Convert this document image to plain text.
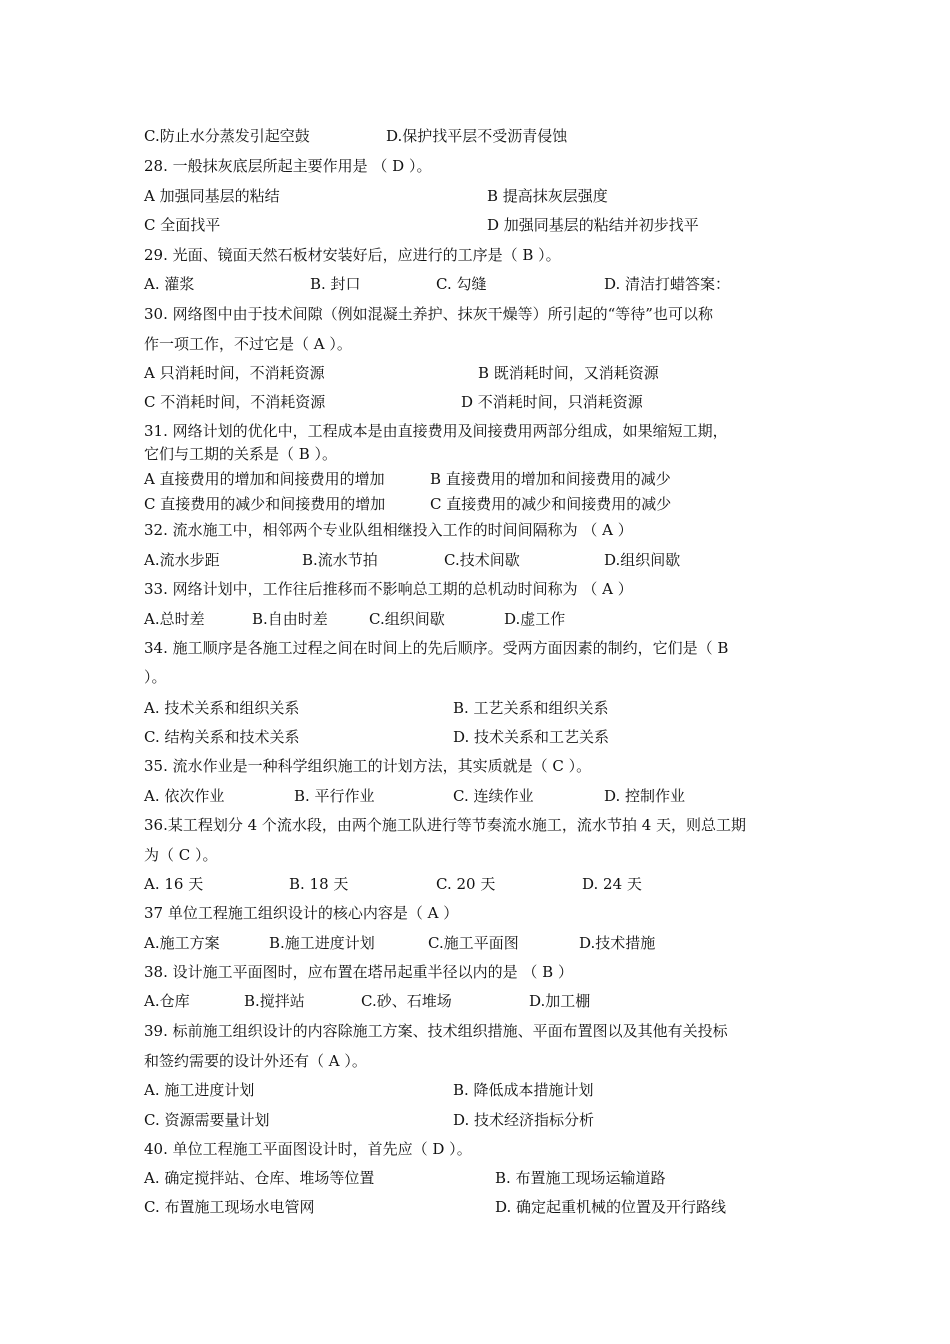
C.防止水分蒸发引起空鼓	D.保护找平层不受沥青侵蚀
28. 一般抹灰底层所起主要作用是 （ D ）。
A 加强同基层的粘结	B 提高抹灰层强度
C 全面找平	D 加强同基层的粘结并初步找平
29. 光面、镜面天然石板材安装好后，应进行的工序是（ B ）。
A. 灌浆	B. 封口	C. 勾缝	D. 清洁打蜡答案：
30. 网络图中由于技术间隙（例如混凝土养护、抹灰干燥等）所引起的“等待”也可以称
作一项工作，不过它是（ A ）。
A 只消耗时间，不消耗资源	B 既消耗时间，又消耗资源
C 不消耗时间，不消耗资源	D 不消耗时间，只消耗资源
31. 网络计划的优化中，工程成本是由直接费用及间接费用两部分组成，如果缩短工期，
它们与工期的关系是（ B ）。
A 直接费用的增加和间接费用的增加	B 直接费用的增加和间接费用的减少
C 直接费用的减少和间接费用的增加	C 直接费用的减少和间接费用的减少
32. 流水施工中，相邻两个专业队组相继投入工作的时间间隔称为 （ A ）
A.流水步距	B.流水节拍	C.技术间歇	D.组织间歇
33. 网络计划中，工作往后推移而不影响总工期的总机动时间称为 （ A ）
A.总时差	B.自由时差	C.组织间歇	D.虚工作
34. 施工顺序是各施工过程之间在时间上的先后顺序。受两方面因素的制约，它们是（ B
）。
A. 技术关系和组织关系	B. 工艺关系和组织关系
C. 结构关系和技术关系	D. 技术关系和工艺关系
35. 流水作业是一种科学组织施工的计划方法，其实质就是（ C ）。
A. 依次作业	B. 平行作业	C. 连续作业	D. 控制作业
36.某工程划分 4 个流水段，由两个施工队进行等节奏流水施工，流水节拍 4 天，则总工期
为（ C ）。
A. 16 天	B. 18 天	C. 20 天	D. 24 天
37 单位工程施工组织设计的核心内容是（ A ）
A.施工方案	B.施工进度计划	C.施工平面图	D.技术措施
38. 设计施工平面图时，应布置在塔吊起重半径以内的是 （ B ）
A.仓库	B.搅拌站	C.砂、石堆场	D.加工棚
39. 标前施工组织设计的内容除施工方案、技术组织措施、平面布置图以及其他有关投标
和签约需要的设计外还有（ A ）。
A. 施工进度计划	B. 降低成本措施计划
C. 资源需要量计划	D. 技术经济指标分析
40. 单位工程施工平面图设计时，首先应（ D ）。
A. 确定搅拌站、仓库、堆场等位置	B. 布置施工现场运输道路
C. 布置施工现场水电管网	D. 确定起重机械的位置及开行路线
